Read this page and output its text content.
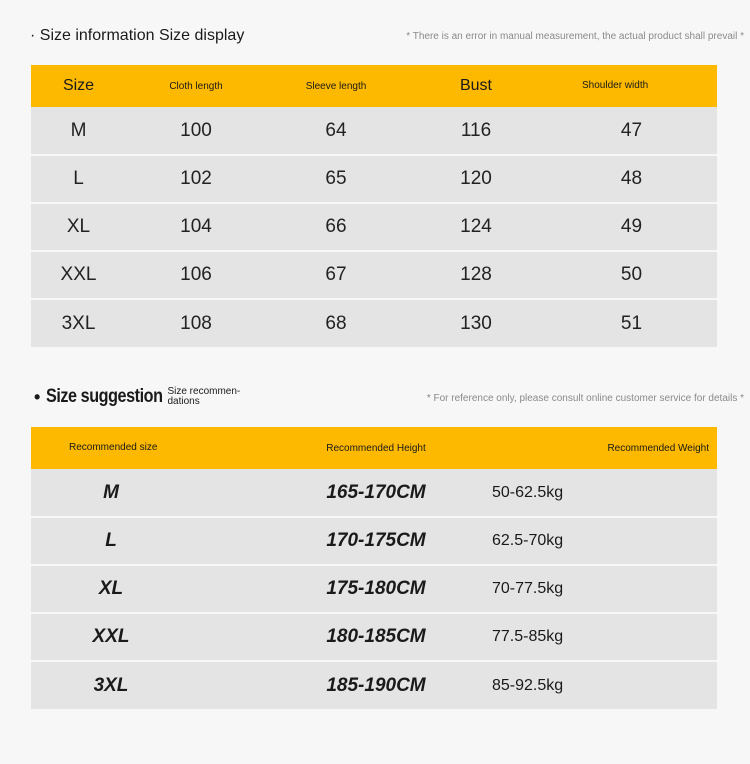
· Size information Size display	* There is an error in manual measurement, the actual product shall prevail *
Size	Cloth length	Sleeve length	Bust	Shoulder width
M	100	64	116	47
L	102	65	120	48
XL	104	66	124	49
XXL	106	67	128	50
3XL	108	68	130	51
• Size suggestion Size recommen-dations	* For reference only, please consult online customer service for details *
Recommended size	Recommended Height	Recommended Weight

M	165-170CM	50-62.5kg
L	170-175CM	62.5-70kg
XL	175-180CM	70-77.5kg
XXL	180-185CM	77.5-85kg
3XL	185-190CM	85-92.5kg
